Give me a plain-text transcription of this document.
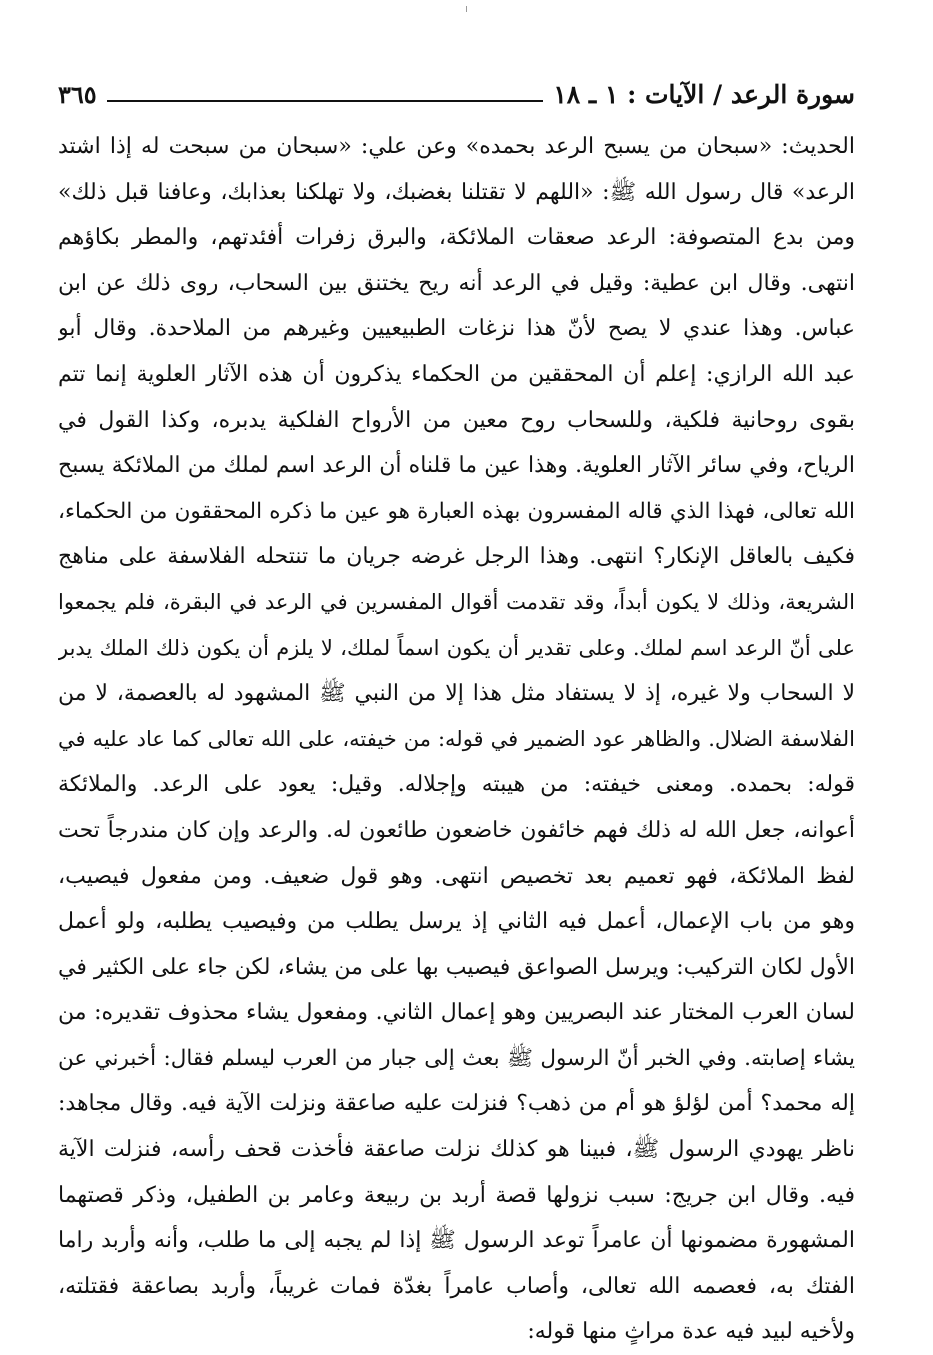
سورة الرعد / الآيات : ١ ـ ١٨
٣٦٥
الحديث: «سبحان من يسبح الرعد بحمده» وعن علي: «سبحان من سبحت له إذا اشتد
الرعد» قال رسول الله ﷺ: «اللهم لا تقتلنا بغضبك، ولا تهلكنا بعذابك، وعافنا قبل ذلك»
ومن بدع المتصوفة: الرعد صعقات الملائكة، والبرق زفرات أفئدتهم، والمطر بكاؤهم
انتهى. وقال ابن عطية: وقيل في الرعد أنه ريح يختنق بين السحاب، روى ذلك عن ابن
عباس. وهذا عندي لا يصح لأنّ هذا نزغات الطبيعيين وغيرهم من الملاحدة. وقال أبو
عبد الله الرازي: إعلم أن المحققين من الحكماء يذكرون أن هذه الآثار العلوية إنما تتم
بقوى روحانية فلكية، وللسحاب روح معين من الأرواح الفلكية يدبره، وكذا القول في
الرياح، وفي سائر الآثار العلوية. وهذا عين ما قلناه أن الرعد اسم لملك من الملائكة يسبح
الله تعالى، فهذا الذي قاله المفسرون بهذه العبارة هو عين ما ذكره المحققون من الحكماء،
فكيف بالعاقل الإنكار؟ انتهى. وهذا الرجل غرضه جريان ما تنتحله الفلاسفة على مناهج
الشريعة، وذلك لا يكون أبداً، وقد تقدمت أقوال المفسرين في الرعد في البقرة، فلم يجمعوا
على أنّ الرعد اسم لملك. وعلى تقدير أن يكون اسماً لملك، لا يلزم أن يكون ذلك الملك يدبر
لا السحاب ولا غيره، إذ لا يستفاد مثل هذا إلا من النبي ﷺ المشهود له بالعصمة، لا من
الفلاسفة الضلال. والظاهر عود الضمير في قوله: من خيفته، على الله تعالى كما عاد عليه في
قوله: بحمده. ومعنى خيفته: من هيبته وإجلاله. وقيل: يعود على الرعد. والملائكة
أعوانه، جعل الله له ذلك فهم خائفون خاضعون طائعون له. والرعد وإن كان مندرجاً تحت
لفظ الملائكة، فهو تعميم بعد تخصيص انتهى. وهو قول ضعيف. ومن مفعول فيصيب،
وهو من باب الإعمال، أعمل فيه الثاني إذ يرسل يطلب من وفيصيب يطلبه، ولو أعمل
الأول لكان التركيب: ويرسل الصواعق فيصيب بها على من يشاء، لكن جاء على الكثير في
لسان العرب المختار عند البصريين وهو إعمال الثاني. ومفعول يشاء محذوف تقديره: من
يشاء إصابته. وفي الخبر أنّ الرسول ﷺ بعث إلى جبار من العرب ليسلم فقال: أخبرني عن
إله محمد؟ أمن لؤلؤ هو أم من ذهب؟ فنزلت عليه صاعقة ونزلت الآية فيه. وقال مجاهد:
ناظر يهودي الرسول ﷺ، فبينا هو كذلك نزلت صاعقة فأخذت قحف رأسه، فنزلت الآية
فيه. وقال ابن جريج: سبب نزولها قصة أربد بن ربيعة وعامر بن الطفيل، وذكر قصتهما
المشهورة مضمونها أن عامراً توعد الرسول ﷺ إذا لم يجبه إلى ما طلب، وأنه وأربد راما
الفتك به، فعصمه الله تعالى، وأصاب عامراً بغدّة فمات غريباً، وأربد بصاعقة فقتلته،
ولأخيه لبيد فيه عدة مراثٍ منها قوله:
